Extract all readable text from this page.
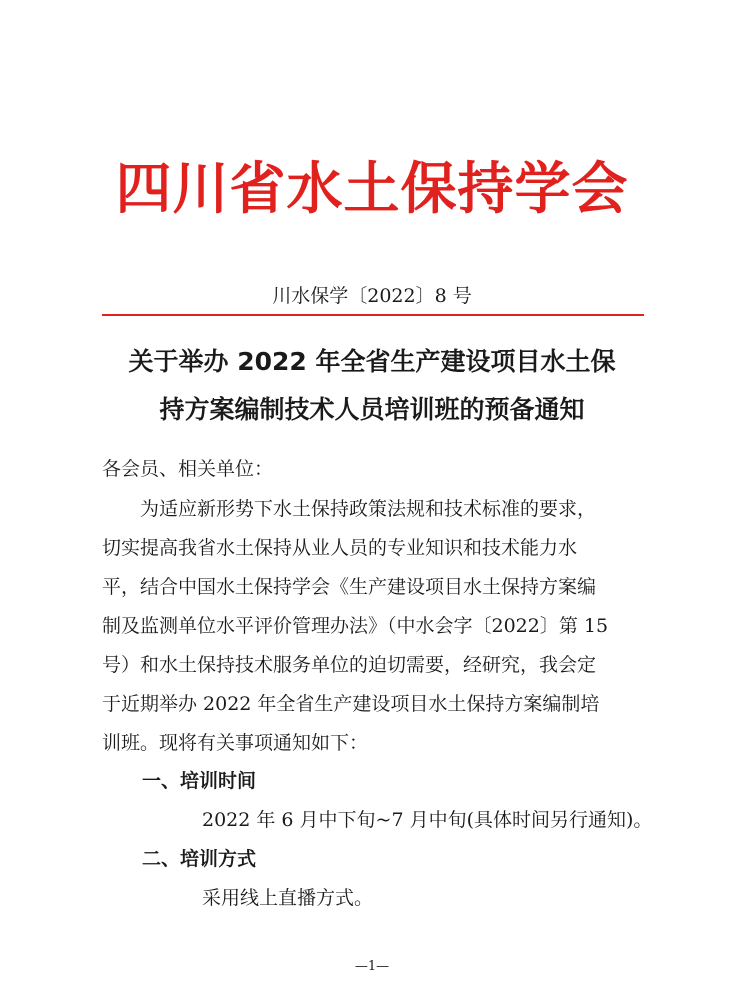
四川省水土保持学会
川水保学〔2022〕8 号
关于举办 2022 年全省生产建设项目水土保
持方案编制技术人员培训班的预备通知
各会员、相关单位：
为适应新形势下水土保持政策法规和技术标准的要求，
切实提高我省水土保持从业人员的专业知识和技术能力水
平，结合中国水土保持学会《生产建设项目水土保持方案编
制及监测单位水平评价管理办法》（中水会字〔2022〕第 15
号）和水土保持技术服务单位的迫切需要，经研究，我会定
于近期举办 2022 年全省生产建设项目水土保持方案编制培
训班。现将有关事项通知如下：
一、培训时间
2022 年 6 月中下旬~7 月中旬(具体时间另行通知)。
二、培训方式
采用线上直播方式。
—1—
